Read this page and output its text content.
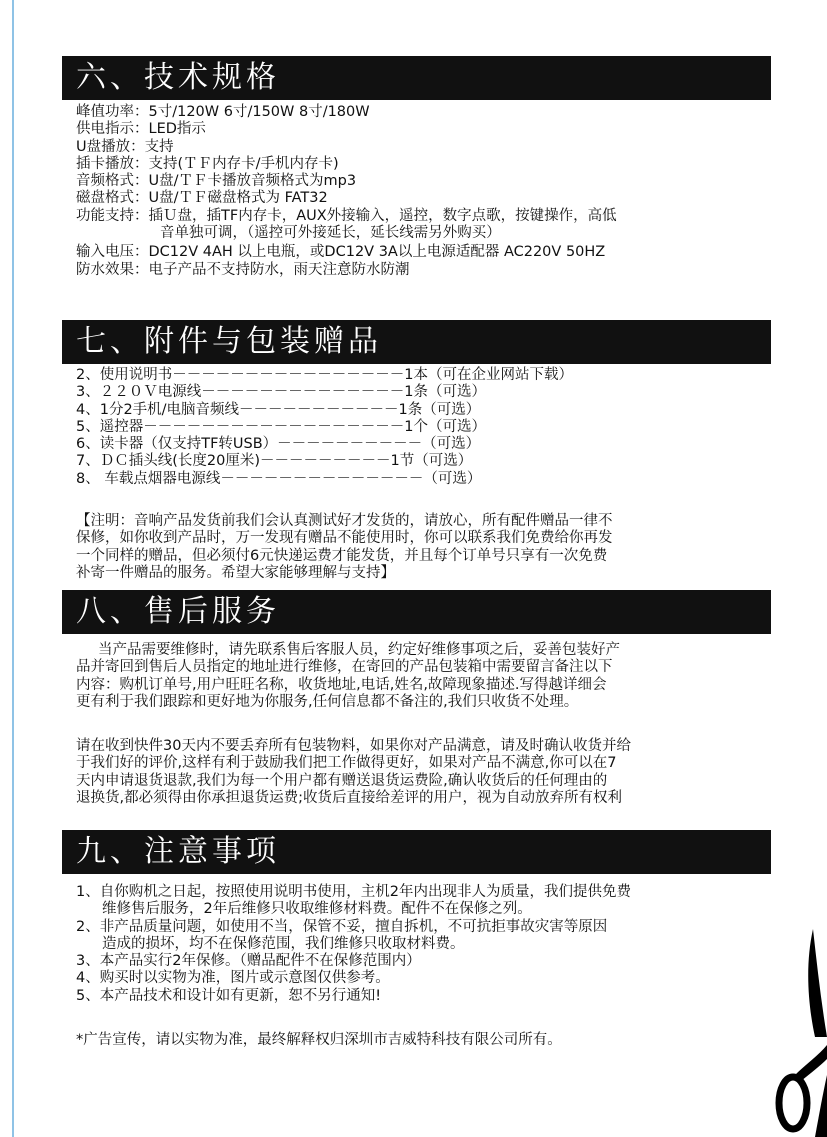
六、技术规格
峰值功率：5寸/120W 6寸/150W 8寸/180W
供电指示：LED指示
U盘播放：支持
插卡播放：支持(ＴＦ内存卡/手机内存卡)
音频格式：U盘/ＴＦ卡播放音频格式为mp3
磁盘格式：U盘/ＴＦ磁盘格式为 FAT32
功能支持：插Ｕ盘，插TF内存卡，AUX外接输入，遥控，数字点歌，按键操作，高低
音单独可调，（遥控可外接延长，延长线需另外购买）
输入电压：DC12V 4AH 以上电瓶，或DC12V 3A以上电源适配器 AC220V 50HZ
防水效果：电子产品不支持防水，雨天注意防水防潮
七、附件与包装赠品
2、使用说明书－－－－－－－－－－－－－－－－1本（可在企业网站下载）
3、２２０Ｖ电源线－－－－－－－－－－－－－－1条（可选）
4、1分2手机/电脑音频线－－－－－－－－－－－1条（可选）
5、遥控器－－－－－－－－－－－－－－－－－－1个（可选）
6、读卡器（仅支持TF转USB）－－－－－－－－－－（可选）
7、ＤＣ插头线(长度20厘米)－－－－－－－－－1节（可选）
8、 车载点烟器电源线－－－－－－－－－－－－－－（可选）
【注明：音响产品发货前我们会认真测试好才发货的，请放心，所有配件赠品一律不
保修，如你收到产品时，万一发现有赠品不能使用时，你可以联系我们免费给你再发
一个同样的赠品，但必须付6元快递运费才能发货，并且每个订单号只享有一次免费
补寄一件赠品的服务。希望大家能够理解与支持】
八、售后服务
当产品需要维修时，请先联系售后客服人员，约定好维修事项之后，妥善包装好产
品并寄回到售后人员指定的地址进行维修，在寄回的产品包装箱中需要留言备注以下
内容：购机订单号,用户旺旺名称，收货地址,电话,姓名,故障现象描述.写得越详细会
更有利于我们跟踪和更好地为你服务,任何信息都不备注的,我们只收货不处理。
请在收到快件30天内不要丢弃所有包装物料，如果你对产品满意，请及时确认收货并给
于我们好的评价,这样有利于鼓励我们把工作做得更好，如果对产品不满意,你可以在7
天内申请退货退款,我们为每一个用户都有赠送退货运费险,确认收货后的任何理由的
退换货,都必须得由你承担退货运费;收货后直接给差评的用户，视为自动放弃所有权利
九、注意事项
1、自你购机之日起，按照使用说明书使用，主机2年内出现非人为质量，我们提供免费
维修售后服务，2年后维修只收取维修材料费。配件不在保修之列。
2、非产品质量问题，如使用不当，保管不妥，擅自拆机，不可抗拒事故灾害等原因
造成的损坏，均不在保修范围，我们维修只收取材料费。
3、本产品实行2年保修。（赠品配件不在保修范围内）
4、购买时以实物为准，图片或示意图仅供参考。
5、本产品技术和设计如有更新，恕不另行通知!
*广告宣传，请以实物为准，最终解释权归深圳市吉威特科技有限公司所有。
